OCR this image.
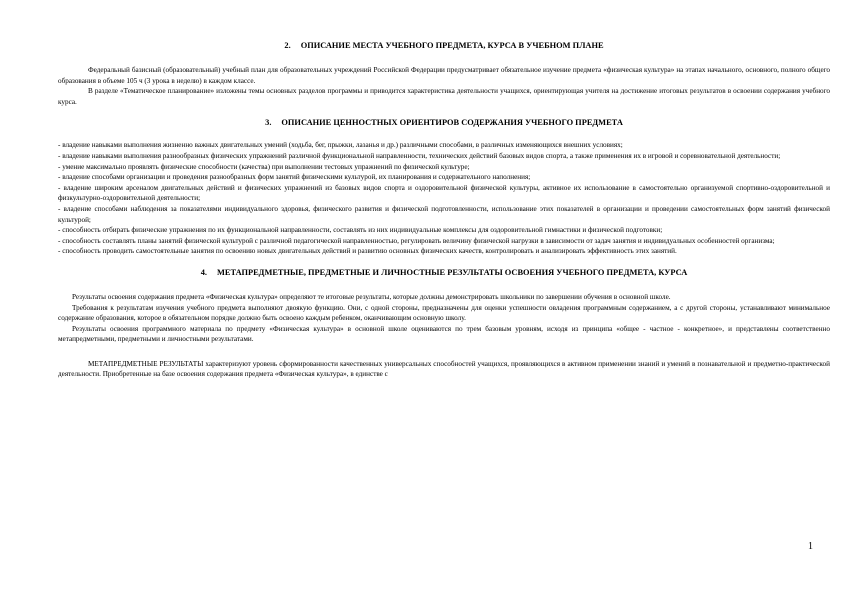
2. ОПИСАНИЕ МЕСТА УЧЕБНОГО ПРЕДМЕТА, КУРСА В УЧЕБНОМ ПЛАНЕ

Федеральный базисный (образовательный) учебный план для образовательных учреждений Российской Федерации предусматривает обязательное изучение предмета «физическая культура» на этапах начального, основного, полного общего образования в объеме 105 ч (3 урока в неделю) в каждом классе.

В разделе «Тематическое планирование» изложены темы основных разделов программы и приводится характеристика деятельности учащихся, ориентирующая учителя на достижение итоговых результатов в освоении содержания учебного курса.

3. ОПИСАНИЕ ЦЕННОСТНЫХ ОРИЕНТИРОВ СОДЕРЖАНИЯ УЧЕБНОГО ПРЕДМЕТА

- владение навыками выполнения жизненно важных двигательных умений (ходьба, бег, прыжки, лазанья и др.) различными способами, в различных изменяющихся внешних условиях;

- владение навыками выполнения разнообразных физических упражнений различной функциональной направленности, технических действий базовых видов спорта, а также применения их в игровой и соревновательной деятельности;

- умение максимально проявлять физические способности (качества) при выполнении тестовых упражнений по физической культуре;

- владение способами организации и проведения разнообразных форм занятий физическими культурой, их планирования и содержательного наполнения;

- владение широким арсеналом двигательных действий и физических упражнений из базовых видов спорта и оздоровительной физической культуры, активное их использование в самостоятельно организуемой спортивно-оздоровительной и физкультурно-оздоровительной деятельности;

- владение способами наблюдения за показателями индивидуального здоровья, физического развития и физической подготовленности, использование этих показателей в организации и проведении самостоятельных форм занятий физической культурой;

- способность отбирать физические упражнения по их функциональной направленности, составлять из них индивидуальные комплексы для оздоровительной гимнастики и физической подготовки;

- способность составлять планы занятий физической культурой с различной педагогической направленностью, регулировать величину физической нагрузки в зависимости от задач занятия и индивидуальных особенностей организма;

- способность проводить самостоятельные занятия по освоению новых двигательных действий и развитию основных физических качеств, контролировать и анализировать эффективность этих занятий.

4. МЕТАПРЕДМЕТНЫЕ, ПРЕДМЕТНЫЕ И ЛИЧНОСТНЫЕ РЕЗУЛЬТАТЫ ОСВОЕНИЯ УЧЕБНОГО ПРЕДМЕТА, КУРСА

Результаты освоения содержания предмета «Физическая культура» определяют те итоговые результаты, которые должны демонстрировать школьники по завершении обучения в основной школе.

Требования к результатам изучения учебного предмета выполняют двоякую функцию. Они, с одной стороны, предназначены для оценки успешности овладения программным содержанием, а с другой стороны, устанавливают минимальное содержание образования, которое в обязательном порядке должно быть освоено каждым ребенком, оканчивающим основную школу.

Результаты освоения программного материала по предмету «Физическая культура» в основной школе оцениваются по трем базовым уровням, исходя из принципа «общее - частное - конкретное», и представлены соответственно метапредметными, предметными и личностными результатами.

МЕТАПРЕДМЕТНЫЕ РЕЗУЛЬТАТЫ характеризуют уровень сформированности качественных универсальных способностей учащихся, проявляющихся в активном применении знаний и умений в познавательной и предметно-практической деятельности. Приобретенные на базе освоения содержания предмета «Физическая культура», в единстве с

1
